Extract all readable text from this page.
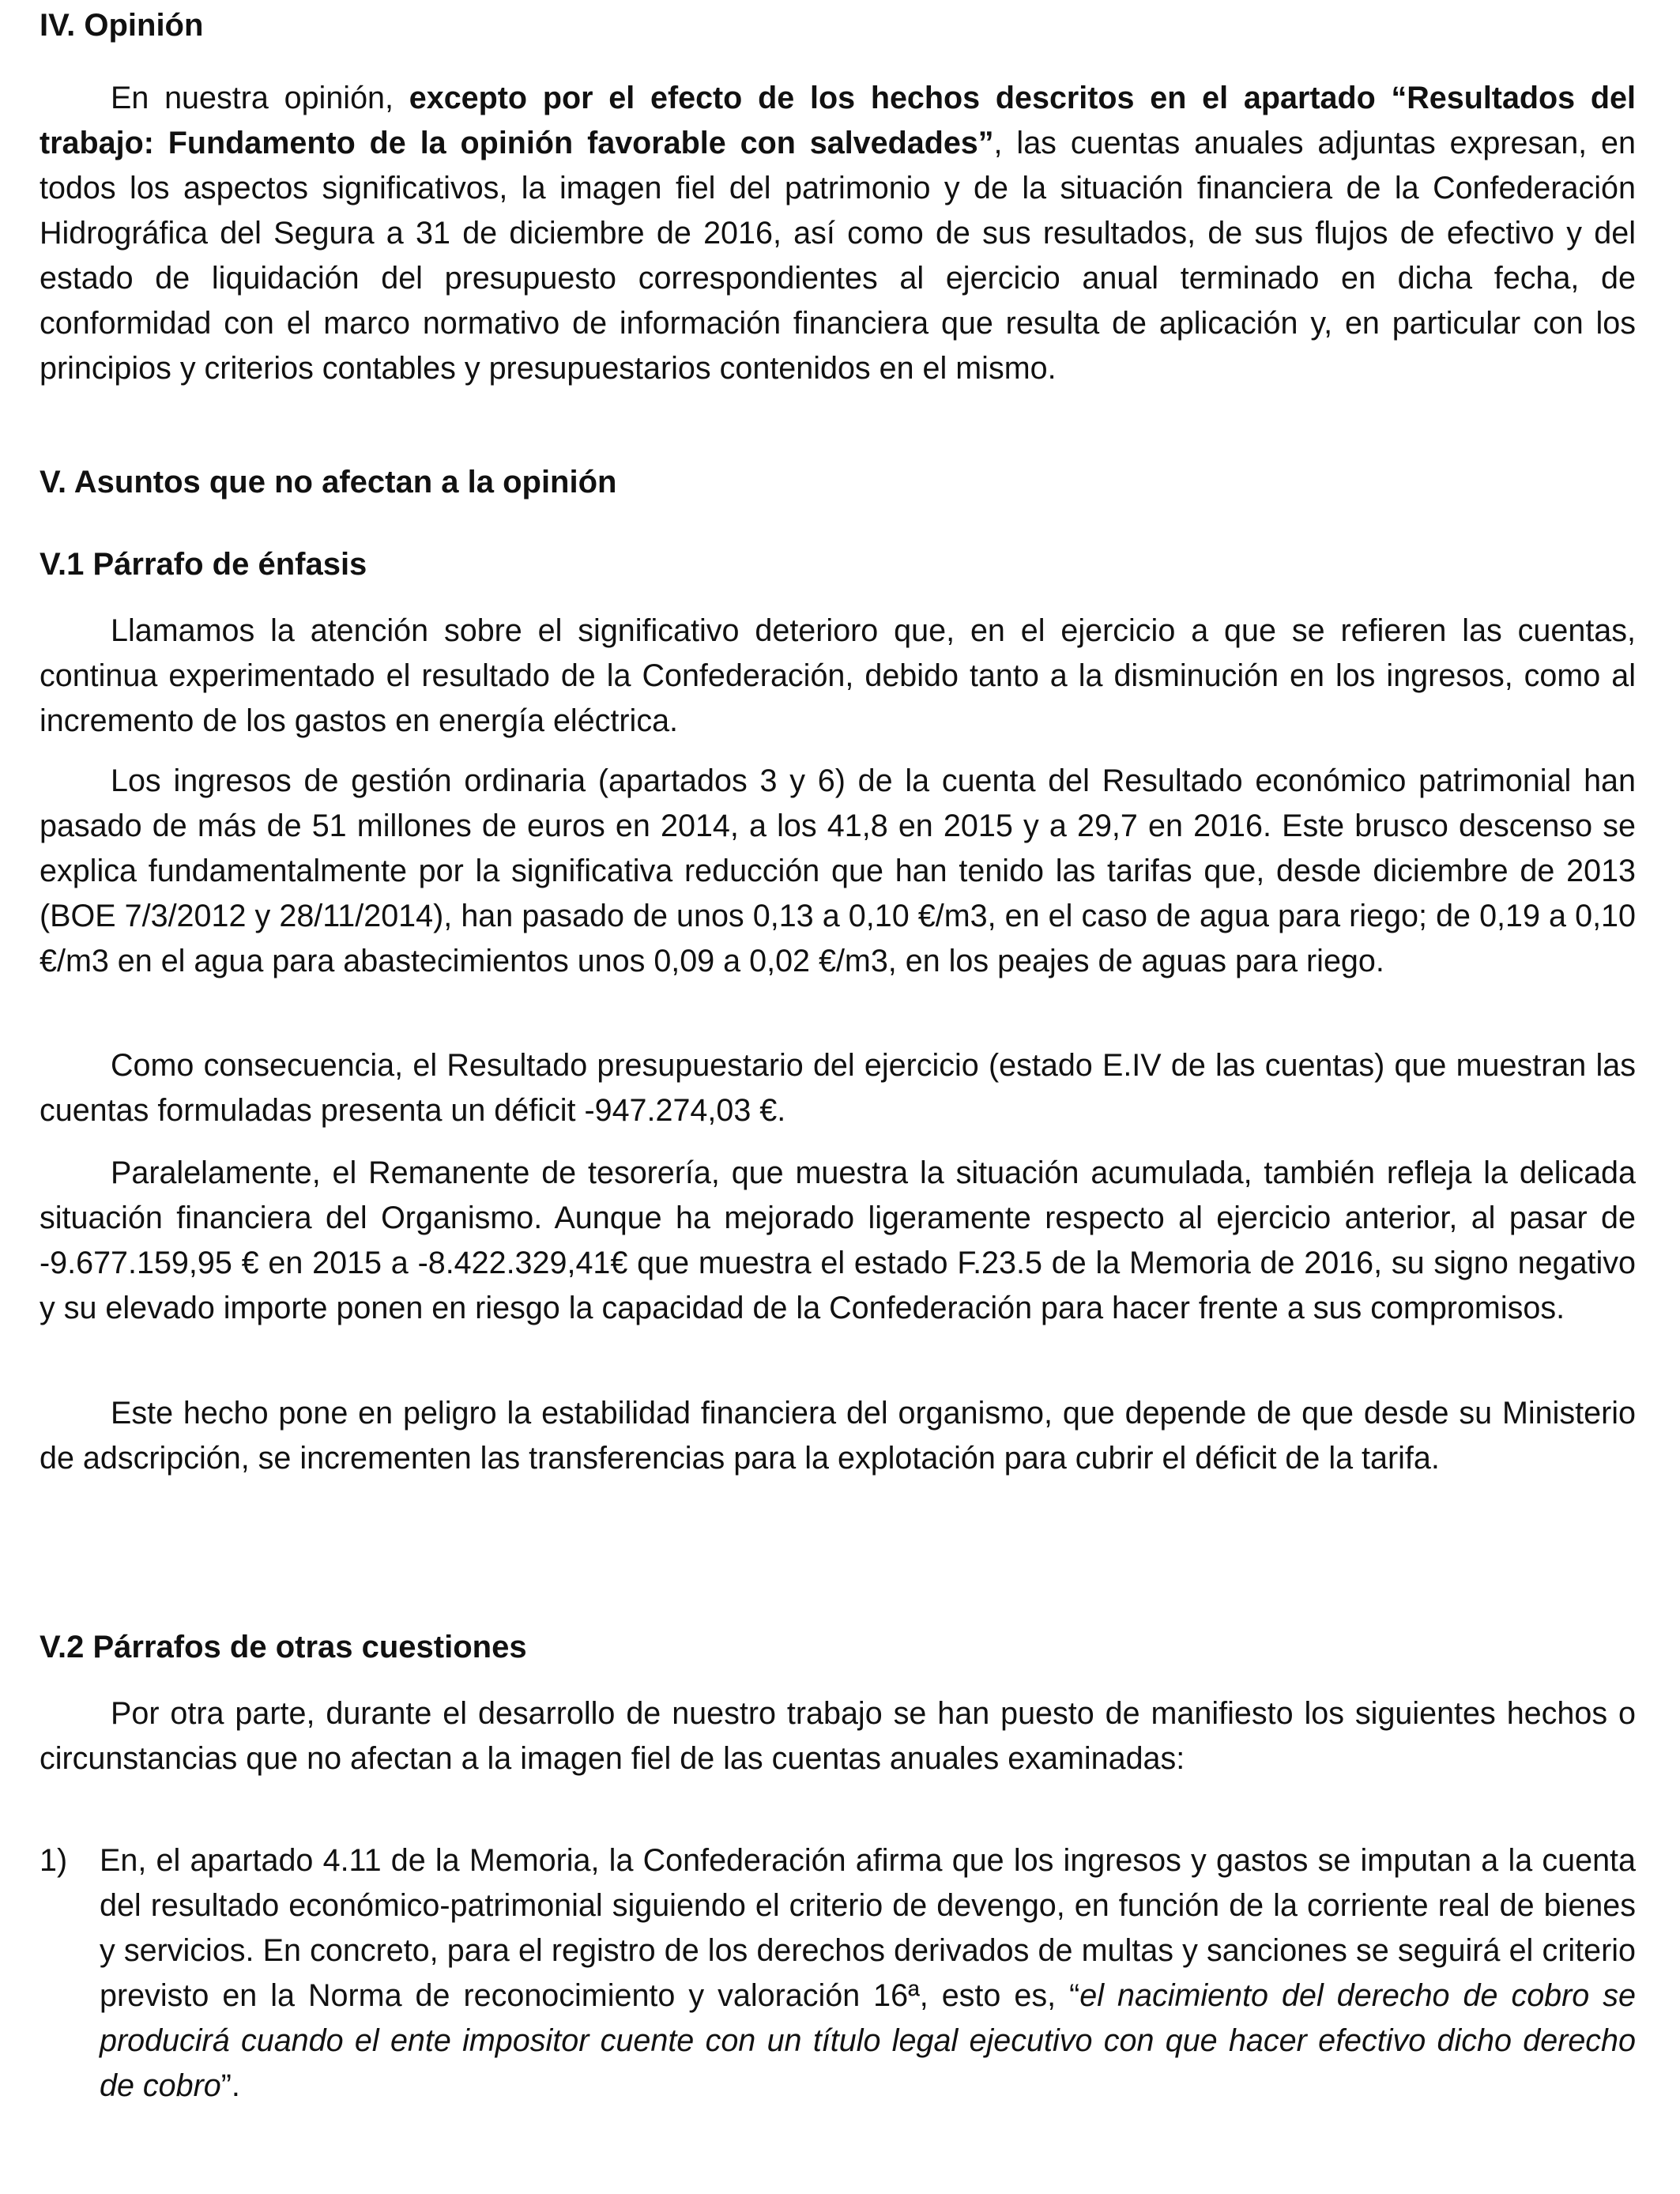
IV. Opinión

En nuestra opinión, excepto por el efecto de los hechos descritos en el apartado “Resultados del trabajo: Fundamento de la opinión favorable con salvedades”, las cuentas anuales adjuntas expresan, en todos los aspectos significativos, la imagen fiel del patrimonio y de la situación financiera de la Confederación Hidrográfica del Segura a 31 de diciembre de 2016, así como de sus resultados, de sus flujos de efectivo y del estado de liquidación del presupuesto correspondientes al ejercicio anual terminado en dicha fecha, de conformidad con el marco normativo de información financiera que resulta de aplicación y, en particular con los principios y criterios contables y presupuestarios contenidos en el mismo.

V. Asuntos que no afectan a la opinión
V.1 Párrafo de énfasis

Llamamos la atención sobre el significativo deterioro que, en el ejercicio a que se refieren las cuentas, continua experimentado el resultado de la Confederación, debido tanto a la disminución en los ingresos, como al incremento de los gastos en energía eléctrica.

Los ingresos de gestión ordinaria (apartados 3 y 6) de la cuenta del Resultado económico patrimonial han pasado de más de 51 millones de euros en 2014, a los 41,8 en 2015 y a 29,7 en 2016. Este brusco descenso se explica fundamentalmente por la significativa reducción que han tenido las tarifas que, desde diciembre de 2013 (BOE 7/3/2012 y 28/11/2014), han pasado de unos 0,13 a 0,10 €/m3, en el caso de agua para riego; de 0,19 a 0,10 €/m3 en el agua para abastecimientos unos 0,09 a 0,02 €/m3, en los peajes de aguas para riego.

Como consecuencia, el Resultado presupuestario del ejercicio (estado E.IV de las cuentas) que muestran las cuentas formuladas presenta un déficit -947.274,03 €.

Paralelamente, el Remanente de tesorería, que muestra la situación acumulada, también refleja la delicada situación financiera del Organismo. Aunque ha mejorado ligeramente respecto al ejercicio anterior, al pasar de -9.677.159,95 € en 2015 a -8.422.329,41€ que muestra el estado F.23.5 de la Memoria de 2016, su signo negativo y su elevado importe ponen en riesgo la capacidad de la Confederación para hacer frente a sus compromisos.

Este hecho pone en peligro la estabilidad financiera del organismo, que depende de que desde su Ministerio de adscripción, se incrementen las transferencias para la explotación para cubrir el déficit de la tarifa.

V.2 Párrafos de otras cuestiones

Por otra parte, durante el desarrollo de nuestro trabajo se han puesto de manifiesto los siguientes hechos o circunstancias que no afectan a la imagen fiel de las cuentas anuales examinadas:

1) En, el apartado 4.11 de la Memoria, la Confederación afirma que los ingresos y gastos se imputan a la cuenta del resultado económico-patrimonial siguiendo el criterio de devengo, en función de la corriente real de bienes y servicios. En concreto, para el registro de los derechos derivados de multas y sanciones se seguirá el criterio previsto en la Norma de reconocimiento y valoración 16ª, esto es, “el nacimiento del derecho de cobro se producirá cuando el ente impositor cuente con un título legal ejecutivo con que hacer efectivo dicho derecho de cobro”.
